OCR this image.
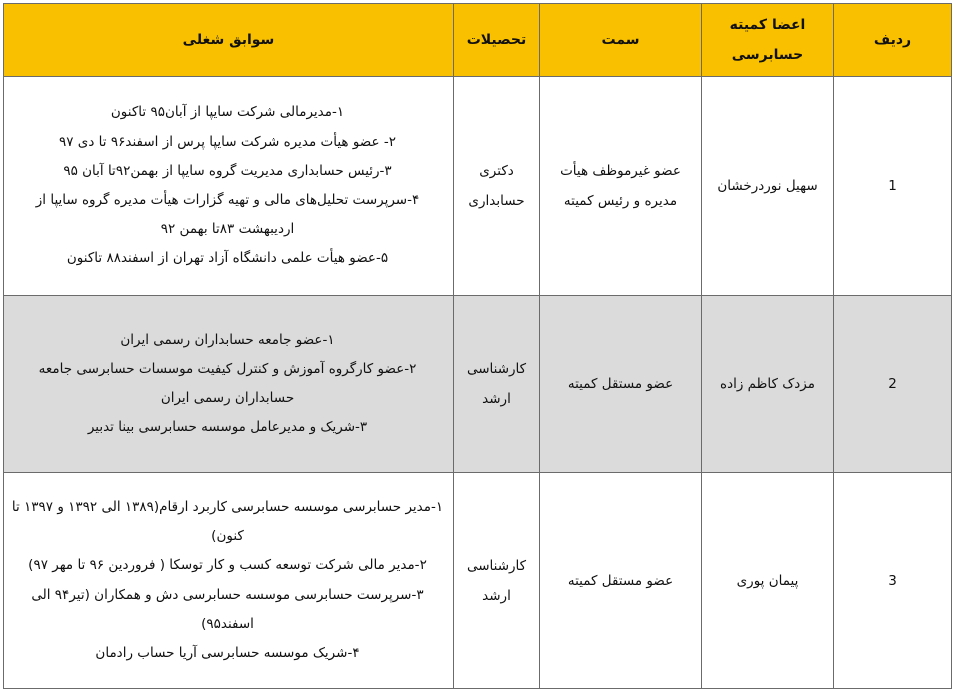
ردیف	اعضا کمیته حسابرسی	سمت	تحصیلات	سوابق شغلی
1	سهیل نوردرخشان	عضو غیرموظف هیأت مدیره و رئیس کمیته	دکتری حسابداری	۱-مدیرمالی شرکت سایپا از آبان۹۵ تاکنون
۲- عضو هیأت مدیره شرکت سایپا پرس از اسفند۹۶ تا دی ۹۷
۳-رئیس حسابداری مدیریت گروه سایپا از بهمن۹۲تا آبان ۹۵
۴-سرپرست تحلیل‌های مالی و تهیه گزارات هیأت مدیره گروه سایپا از اردیبهشت ۸۳تا بهمن ۹۲
۵-عضو هیأت علمی دانشگاه آزاد تهران از اسفند۸۸ تاکنون

2	مزدک کاظم زاده	عضو مستقل کمیته	کارشناسی ارشد	۱-عضو جامعه حسابداران رسمی ایران
۲-عضو کارگروه آموزش و کنترل کیفیت موسسات حسابرسی جامعه حسابداران رسمی ایران
۳-شریک و مدیرعامل موسسه حسابرسی بینا تدبیر

3	پیمان پوری	عضو مستقل کمیته	کارشناسی ارشد	۱-مدیر حسابرسی موسسه حسابرسی کاربرد ارقام(۱۳۸۹ الی ۱۳۹۲ و ۱۳۹۷ تا کنون)
۲-مدیر مالی شرکت توسعه کسب و کار توسکا ( فروردین ۹۶ تا مهر ۹۷)
۳-سرپرست حسابرسی موسسه حسابرسی دش و همکاران (تیر۹۴ الی اسفند۹۵)
۴-شریک موسسه حسابرسی آریا حساب رادمان
